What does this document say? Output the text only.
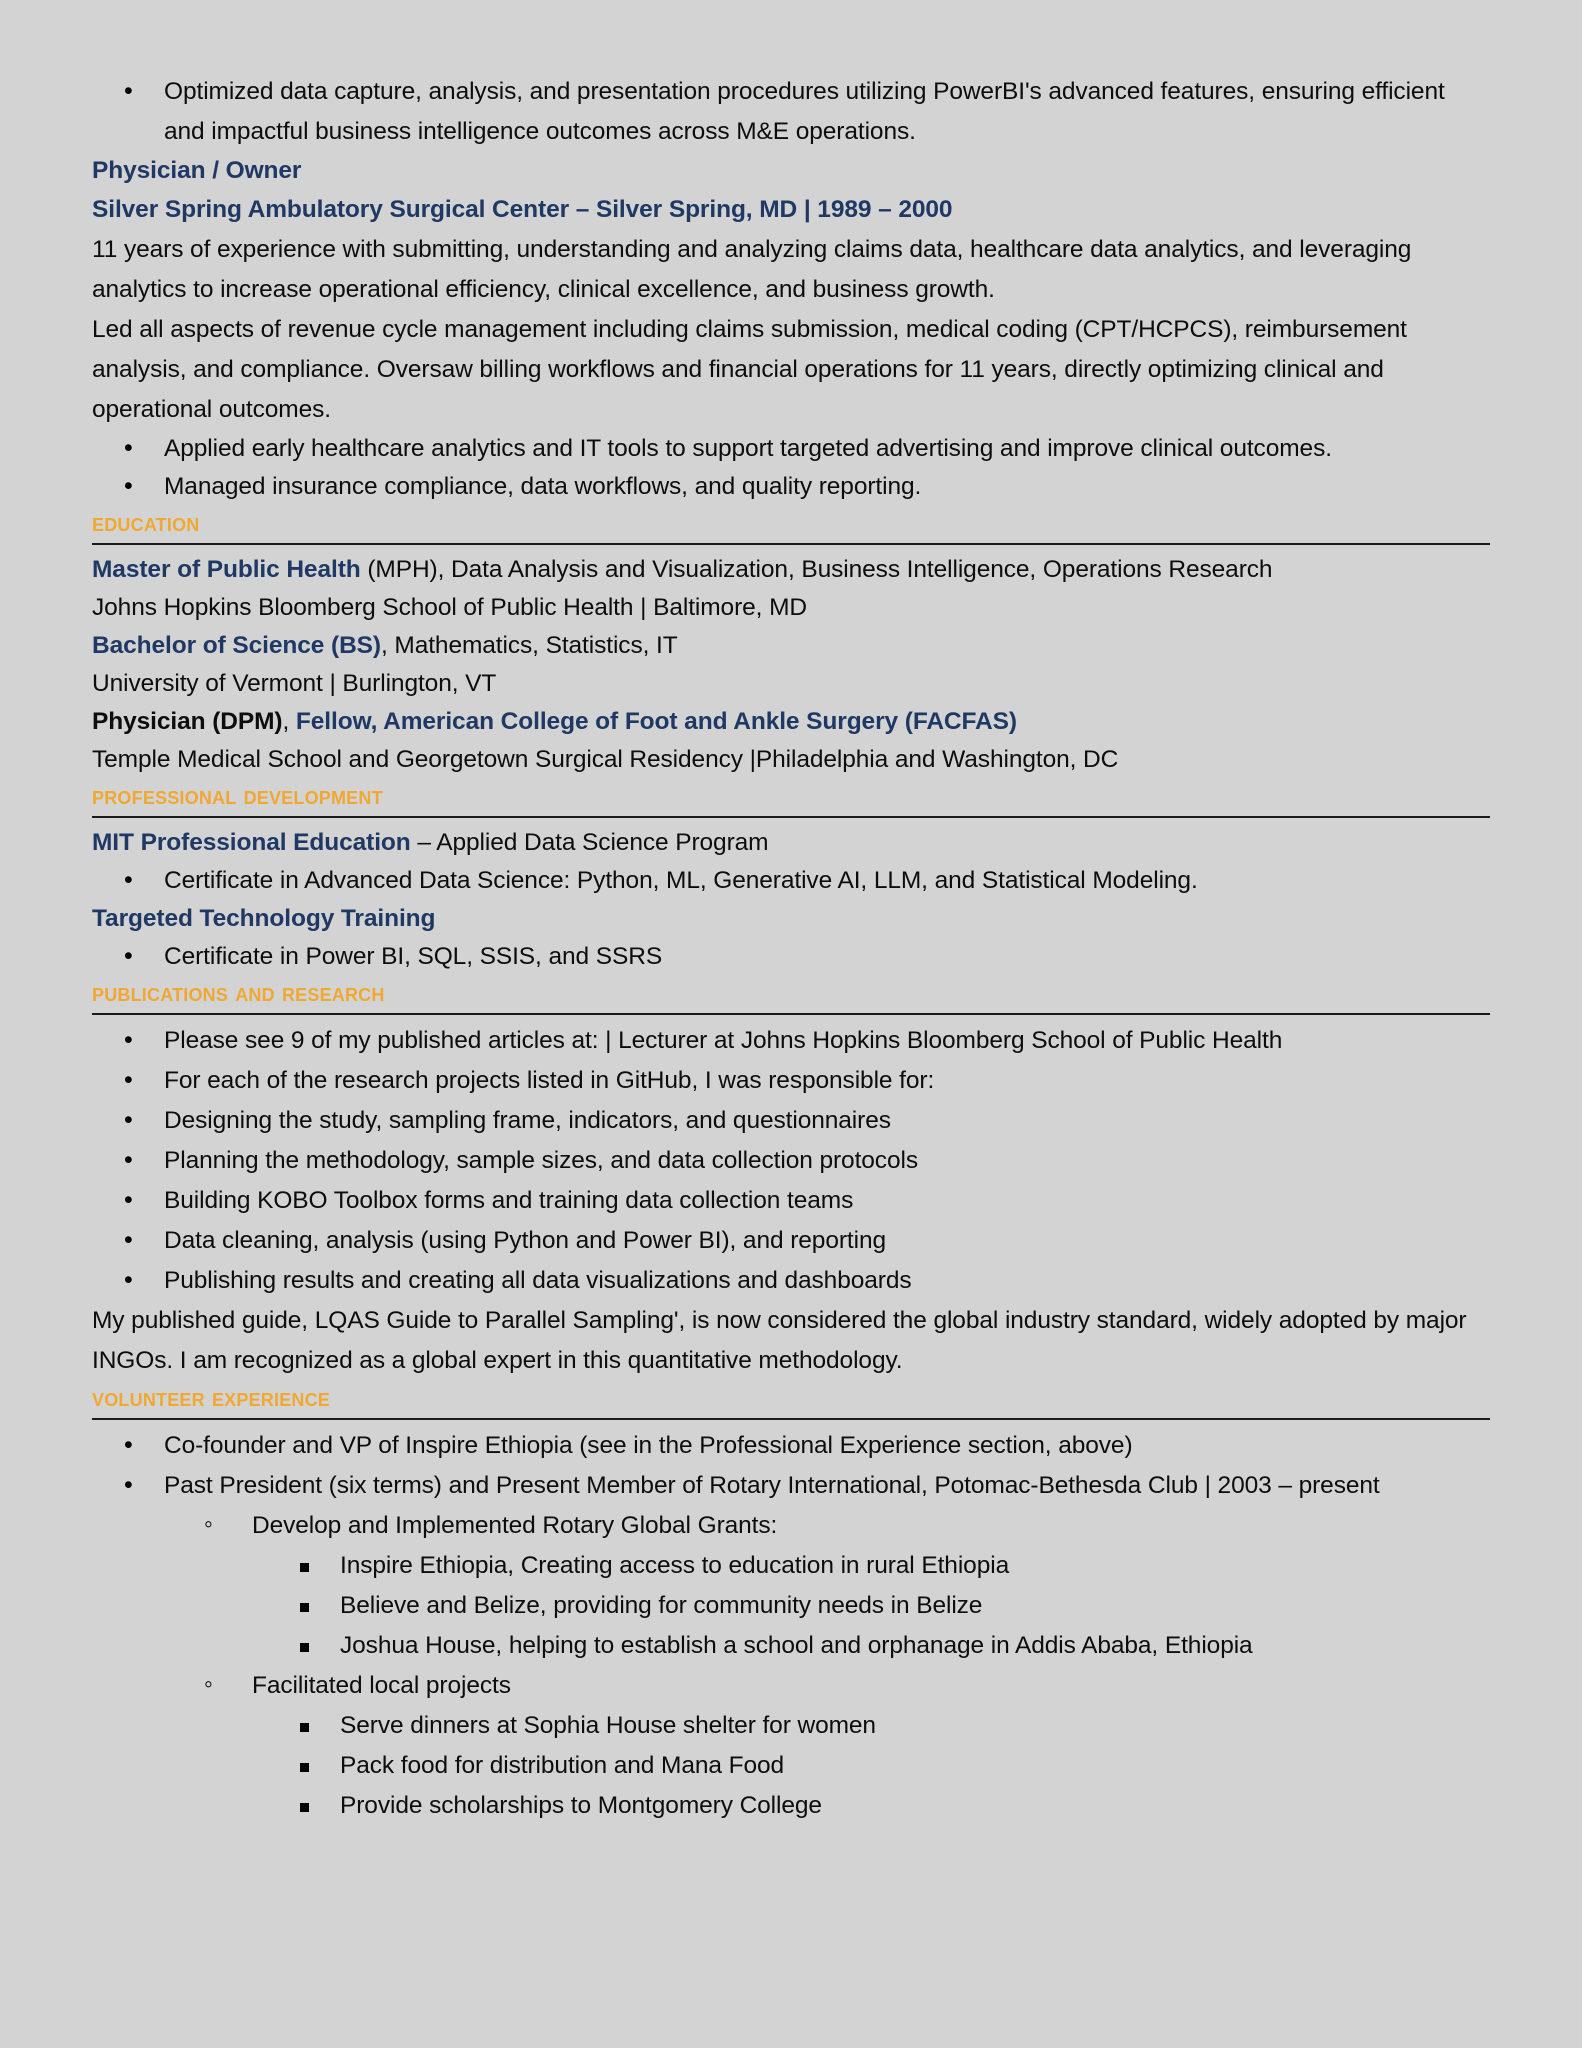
• Optimized data capture, analysis, and presentation procedures utilizing PowerBI's advanced features, ensuring efficient and impactful business intelligence outcomes across M&E operations.
Physician / Owner
Silver Spring Ambulatory Surgical Center – Silver Spring, MD | 1989 – 2000

11 years of experience with submitting, understanding and analyzing claims data, healthcare data analytics, and leveraging analytics to increase operational efficiency, clinical excellence, and business growth.

Led all aspects of revenue cycle management including claims submission, medical coding (CPT/HCPCS), reimbursement analysis, and compliance. Oversaw billing workflows and financial operations for 11 years, directly optimizing clinical and operational outcomes.

• Applied early healthcare analytics and IT tools to support targeted advertising and improve clinical outcomes.
• Managed insurance compliance, data workflows, and quality reporting.
education
Master of Public Health (MPH), Data Analysis and Visualization, Business Intelligence, Operations Research
Johns Hopkins Bloomberg School of Public Health | Baltimore, MD
Bachelor of Science (BS), Mathematics, Statistics, IT
University of Vermont | Burlington, VT
Physician (DPM), Fellow, American College of Foot and Ankle Surgery (FACFAS)
Temple Medical School and Georgetown Surgical Residency |Philadelphia and Washington, DC
professional development
MIT Professional Education – Applied Data Science Program
• Certificate in Advanced Data Science: Python, ML, Generative AI, LLM, and Statistical Modeling.
Targeted Technology Training
• Certificate in Power BI, SQL, SSIS, and SSRS
publications and research
• Please see 9 of my published articles at: | Lecturer at Johns Hopkins Bloomberg School of Public Health
• For each of the research projects listed in GitHub, I was responsible for:
• Designing the study, sampling frame, indicators, and questionnaires
• Planning the methodology, sample sizes, and data collection protocols
• Building KOBO Toolbox forms and training data collection teams
• Data cleaning, analysis (using Python and Power BI), and reporting
• Publishing results and creating all data visualizations and dashboards

My published guide, LQAS Guide to Parallel Sampling', is now considered the global industry standard, widely adopted by major INGOs. I am recognized as a global expert in this quantitative methodology.

volunteer experience
• Co-founder and VP of Inspire Ethiopia (see in the Professional Experience section, above)
• Past President (six terms) and Present Member of Rotary International, Potomac-Bethesda Club | 2003 – present
◦ Develop and Implemented Rotary Global Grants:
Inspire Ethiopia, Creating access to education in rural Ethiopia
Believe and Belize, providing for community needs in Belize
Joshua House, helping to establish a school and orphanage in Addis Ababa, Ethiopia
◦ Facilitated local projects
Serve dinners at Sophia House shelter for women
Pack food for distribution and Mana Food
Provide scholarships to Montgomery College
